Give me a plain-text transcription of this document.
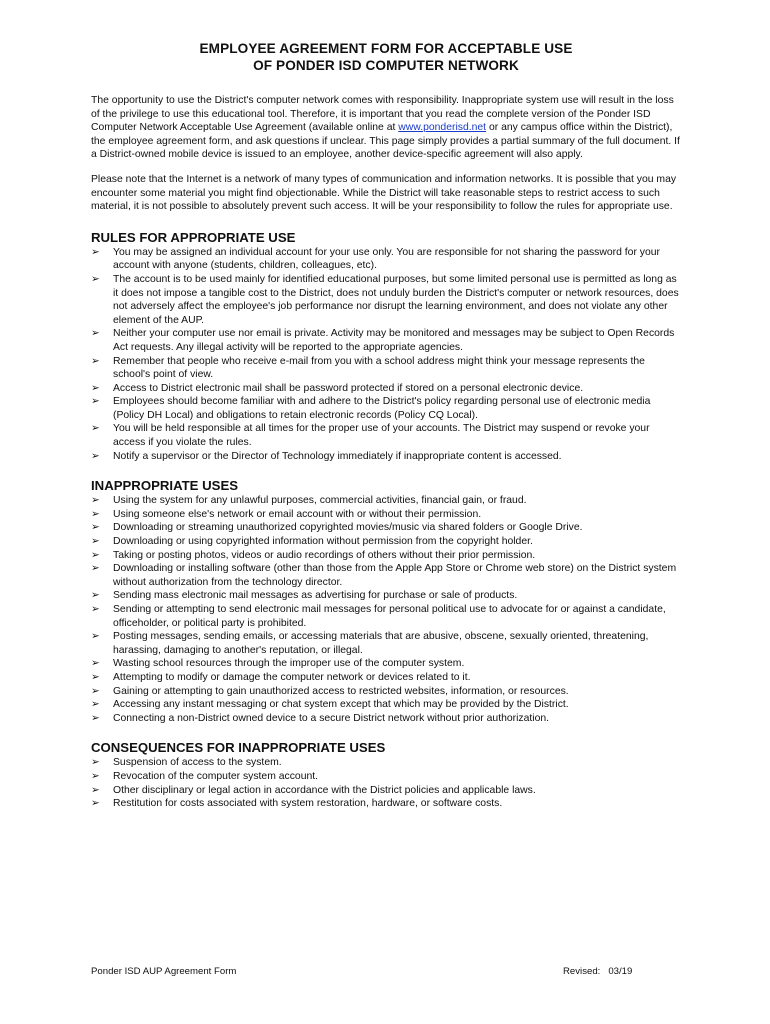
EMPLOYEE AGREEMENT FORM FOR ACCEPTABLE USE
OF PONDER ISD COMPUTER NETWORK

The opportunity to use the District's computer network comes with responsibility. Inappropriate system use will result in the loss of the privilege to use this educational tool. Therefore, it is important that you read the complete version of the Ponder ISD Computer Network Acceptable Use Agreement (available online at www.ponderisd.net or any campus office within the District), the employee agreement form, and ask questions if unclear. This page simply provides a partial summary of the full document. If a District-owned mobile device is issued to an employee, another device-specific agreement will also apply.

Please note that the Internet is a network of many types of communication and information networks. It is possible that you may encounter some material you might find objectionable. While the District will take reasonable steps to restrict access to such material, it is not possible to absolutely prevent such access. It will be your responsibility to follow the rules for appropriate use.

RULES FOR APPROPRIATE USE
➢	You may be assigned an individual account for your use only. You are responsible for not sharing the password for your account with anyone (students, children, colleagues, etc).
➢	The account is to be used mainly for identified educational purposes, but some limited personal use is permitted as long as it does not impose a tangible cost to the District, does not unduly burden the District's computer or network resources, does not adversely affect the employee's job performance nor disrupt the learning environment, and does not violate any other element of the AUP.
➢	Neither your computer use nor email is private. Activity may be monitored and messages may be subject to Open Records Act requests. Any illegal activity will be reported to the appropriate agencies.
➢	Remember that people who receive e-mail from you with a school address might think your message represents the school's point of view.
➢	Access to District electronic mail shall be password protected if stored on a personal electronic device.
➢	Employees should become familiar with and adhere to the District's policy regarding personal use of electronic media (Policy DH Local) and obligations to retain electronic records (Policy CQ Local).
➢	You will be held responsible at all times for the proper use of your accounts. The District may suspend or revoke your access if you violate the rules.
➢	Notify a supervisor or the Director of Technology immediately if inappropriate content is accessed.
INAPPROPRIATE USES
➢	Using the system for any unlawful purposes, commercial activities, financial gain, or fraud.
➢	Using someone else's network or email account with or without their permission.
➢	Downloading or streaming unauthorized copyrighted movies/music via shared folders or Google Drive.
➢	Downloading or using copyrighted information without permission from the copyright holder.
➢	Taking or posting photos, videos or audio recordings of others without their prior permission.
➢	Downloading or installing software (other than those from the Apple App Store or Chrome web store) on the District system without authorization from the technology director.
➢	Sending mass electronic mail messages as advertising for purchase or sale of products.
➢	Sending or attempting to send electronic mail messages for personal political use to advocate for or against a candidate, officeholder, or political party is prohibited.
➢	Posting messages, sending emails, or accessing materials that are abusive, obscene, sexually oriented, threatening, harassing, damaging to another's reputation, or illegal.
➢	Wasting school resources through the improper use of the computer system.
➢	Attempting to modify or damage the computer network or devices related to it.
➢	Gaining or attempting to gain unauthorized access to restricted websites, information, or resources.
➢	Accessing any instant messaging or chat system except that which may be provided by the District.
➢	Connecting a non-District owned device to a secure District network without prior authorization.
CONSEQUENCES FOR INAPPROPRIATE USES
➢	Suspension of access to the system.
➢	Revocation of the computer system account.
➢	Other disciplinary or legal action in accordance with the District policies and applicable laws.
➢	Restitution for costs associated with system restoration, hardware, or software costs.
Ponder ISD AUP Agreement Form	Revised:   03/19
